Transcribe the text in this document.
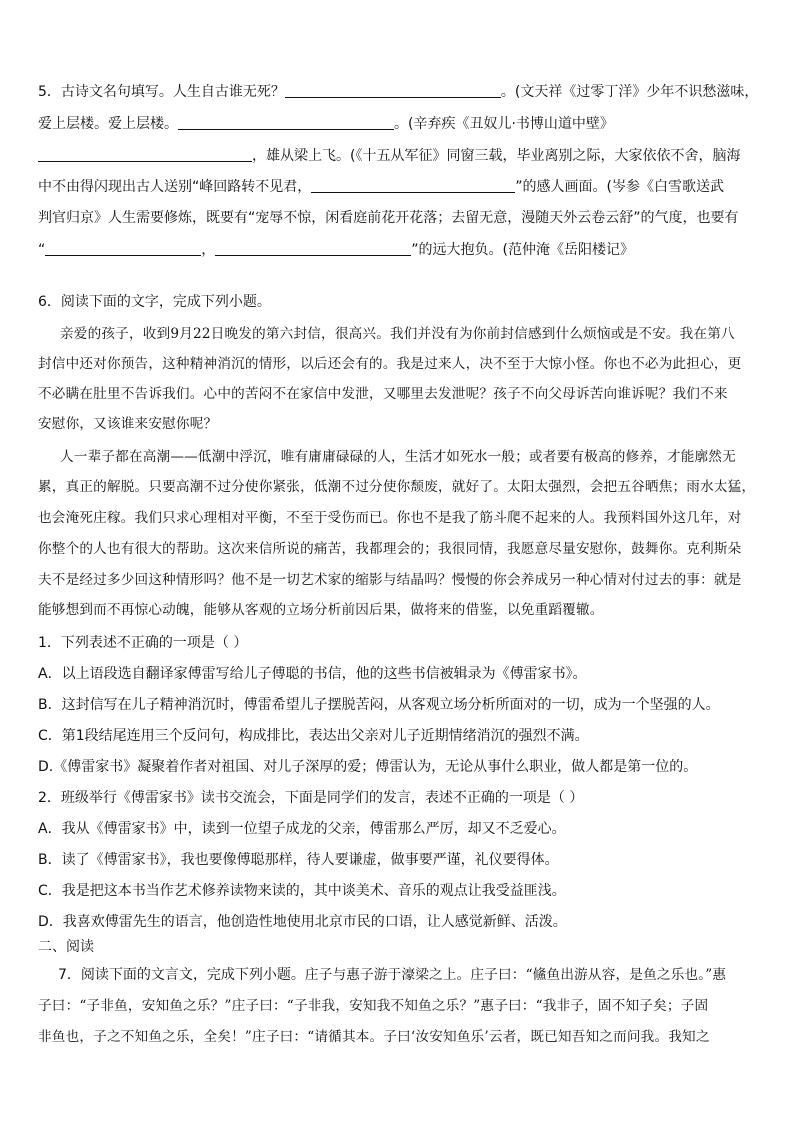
5．古诗文名句填写。人生自古谁无死？	。(文天祥《过零丁洋》少年不识愁滋味，
爱上层楼。爱上层楼。	。(辛弃疾《丑奴儿·书博山道中壁》
，雄从梁上飞。(《十五从军征》同窗三载，毕业离别之际，大家依依不舍，脑海
中不由得闪现出古人送别“峰回路转不见君，	”的感人画面。(岑参《白雪歌送武
判官归京》人生需要修炼，既要有“宠辱不惊，闲看庭前花开花落；去留无意，漫随天外云卷云舒”的气度，也要有
“	，	”的远大抱负。(范仲淹《岳阳楼记》
6．阅读下面的文字，完成下列小题。
亲爱的孩子，收到9月22日晚发的第六封信，很高兴。我们并没有为你前封信感到什么烦恼或是不安。我在第八
封信中还对你预告，这种精神消沉的情形，以后还会有的。我是过来人，决不至于大惊小怪。你也不必为此担心，更
不必瞒在肚里不告诉我们。心中的苦闷不在家信中发泄，又哪里去发泄呢？孩子不向父母诉苦向谁诉呢？我们不来
安慰你，又该谁来安慰你呢？
人一辈子都在高潮——低潮中浮沉，唯有庸庸碌碌的人，生活才如死水一般；或者要有极高的修养，才能廓然无
累，真正的解脱。只要高潮不过分使你紧张，低潮不过分使你颓废，就好了。太阳太强烈，会把五谷晒焦；雨水太猛，
也会淹死庄稼。我们只求心理相对平衡，不至于受伤而已。你也不是我了筋斗爬不起来的人。我预料国外这几年，对
你整个的人也有很大的帮助。这次来信所说的痛苦，我都理会的；我很同情，我愿意尽量安慰你，鼓舞你。克利斯朵
夫不是经过多少回这种情形吗？他不是一切艺术家的缩影与结晶吗？慢慢的你会养成另一种心情对付过去的事：就是
能够想到而不再惊心动魄，能够从客观的立场分析前因后果，做将来的借鉴，以免重蹈覆辙。
1．下列表述不正确的一项是（ ）
A．以上语段选自翻译家傅雷写给儿子傅聪的书信，他的这些书信被辑录为《傅雷家书》。
B．这封信写在儿子精神消沉时，傅雷希望儿子摆脱苦闷，从客观立场分析所面对的一切，成为一个坚强的人。
C．第1段结尾连用三个反问句，构成排比，表达出父亲对儿子近期情绪消沉的强烈不满。
D.《傅雷家书》凝聚着作者对祖国、对儿子深厚的爱；傅雷认为，无论从事什么职业，做人都是第一位的。
2．班级举行《傅雷家书》读书交流会，下面是同学们的发言，表述不正确的一项是（ ）
A．我从《傅雷家书》中，读到一位望子成龙的父亲，傅雷那么严厉，却又不乏爱心。
B．读了《傅雷家书》，我也要像傅聪那样，待人要谦虚，做事要严谨，礼仪要得体。
C．我是把这本书当作艺术修养读物来读的，其中谈美术、音乐的观点让我受益匪浅。
D．我喜欢傅雷先生的语言，他创造性地使用北京市民的口语，让人感觉新鲜、活泼。
二、阅读
7．阅读下面的文言文，完成下列小题。庄子与惠子游于濠梁之上。庄子曰：“鯈鱼出游从容，是鱼之乐也。”惠
子曰：“子非鱼，安知鱼之乐？”庄子曰：“子非我，安知我不知鱼之乐？”惠子曰：“我非子，固不知子矣；子固
非鱼也，子之不知鱼之乐，全矣！”庄子曰：“请循其本。子曰‘汝安知鱼乐’云者，既已知吾知之而问我。我知之
